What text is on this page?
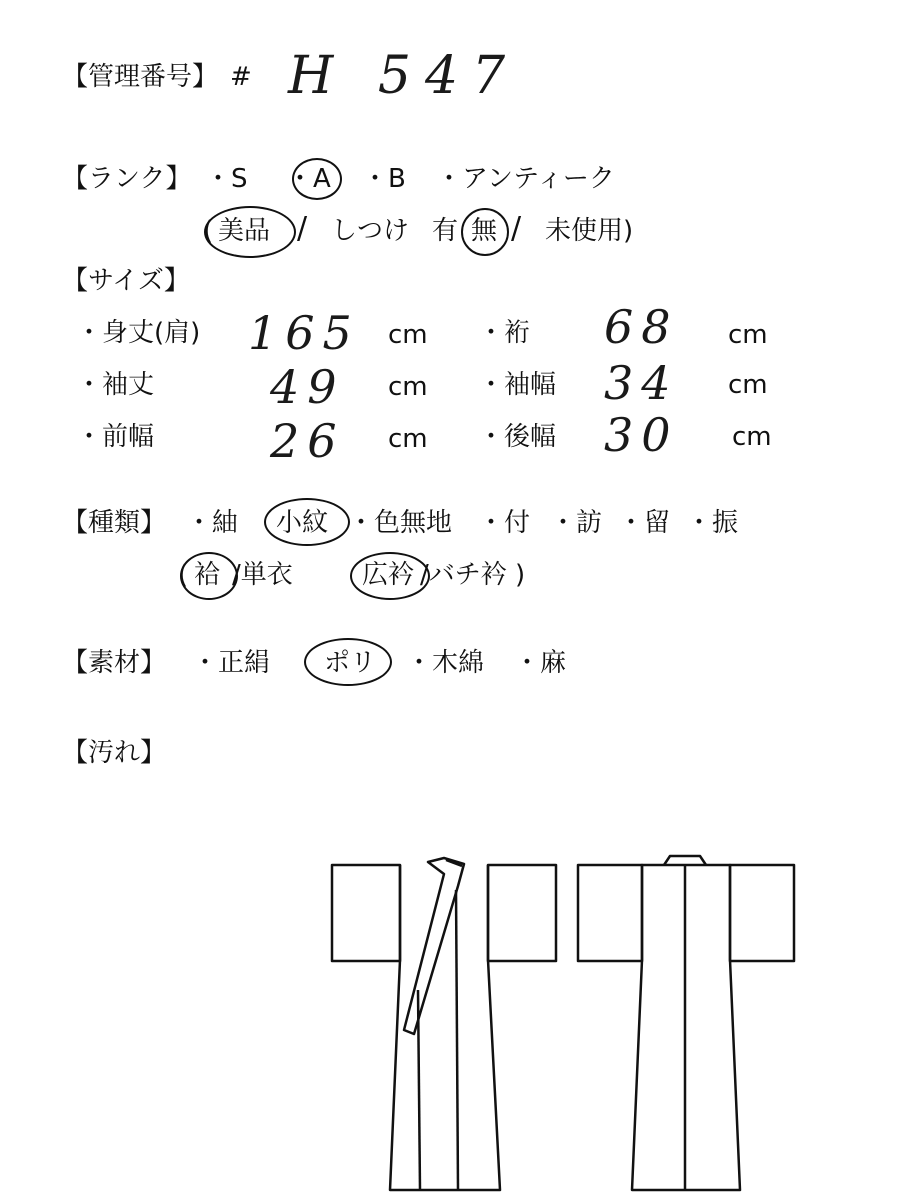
【管理番号】 # H 547
【ランク】 ・S ・A ・B ・アンティーク
( 美品 / しつけ 有 無 / 未使用)
【サイズ】
・身丈(肩) 165 cm ・裄 68 cm
・袖丈	49 cm ・袖幅 34 cm
・前幅	26 cm ・後幅 30 cm
【種類】 ・紬 小紋 ・色無地 ・付 ・訪 ・留 ・振
( 袷 /単衣	広衿 /バチ衿 )
【素材】 ・正絹 ポリ ・木綿 ・麻
【汚れ】
